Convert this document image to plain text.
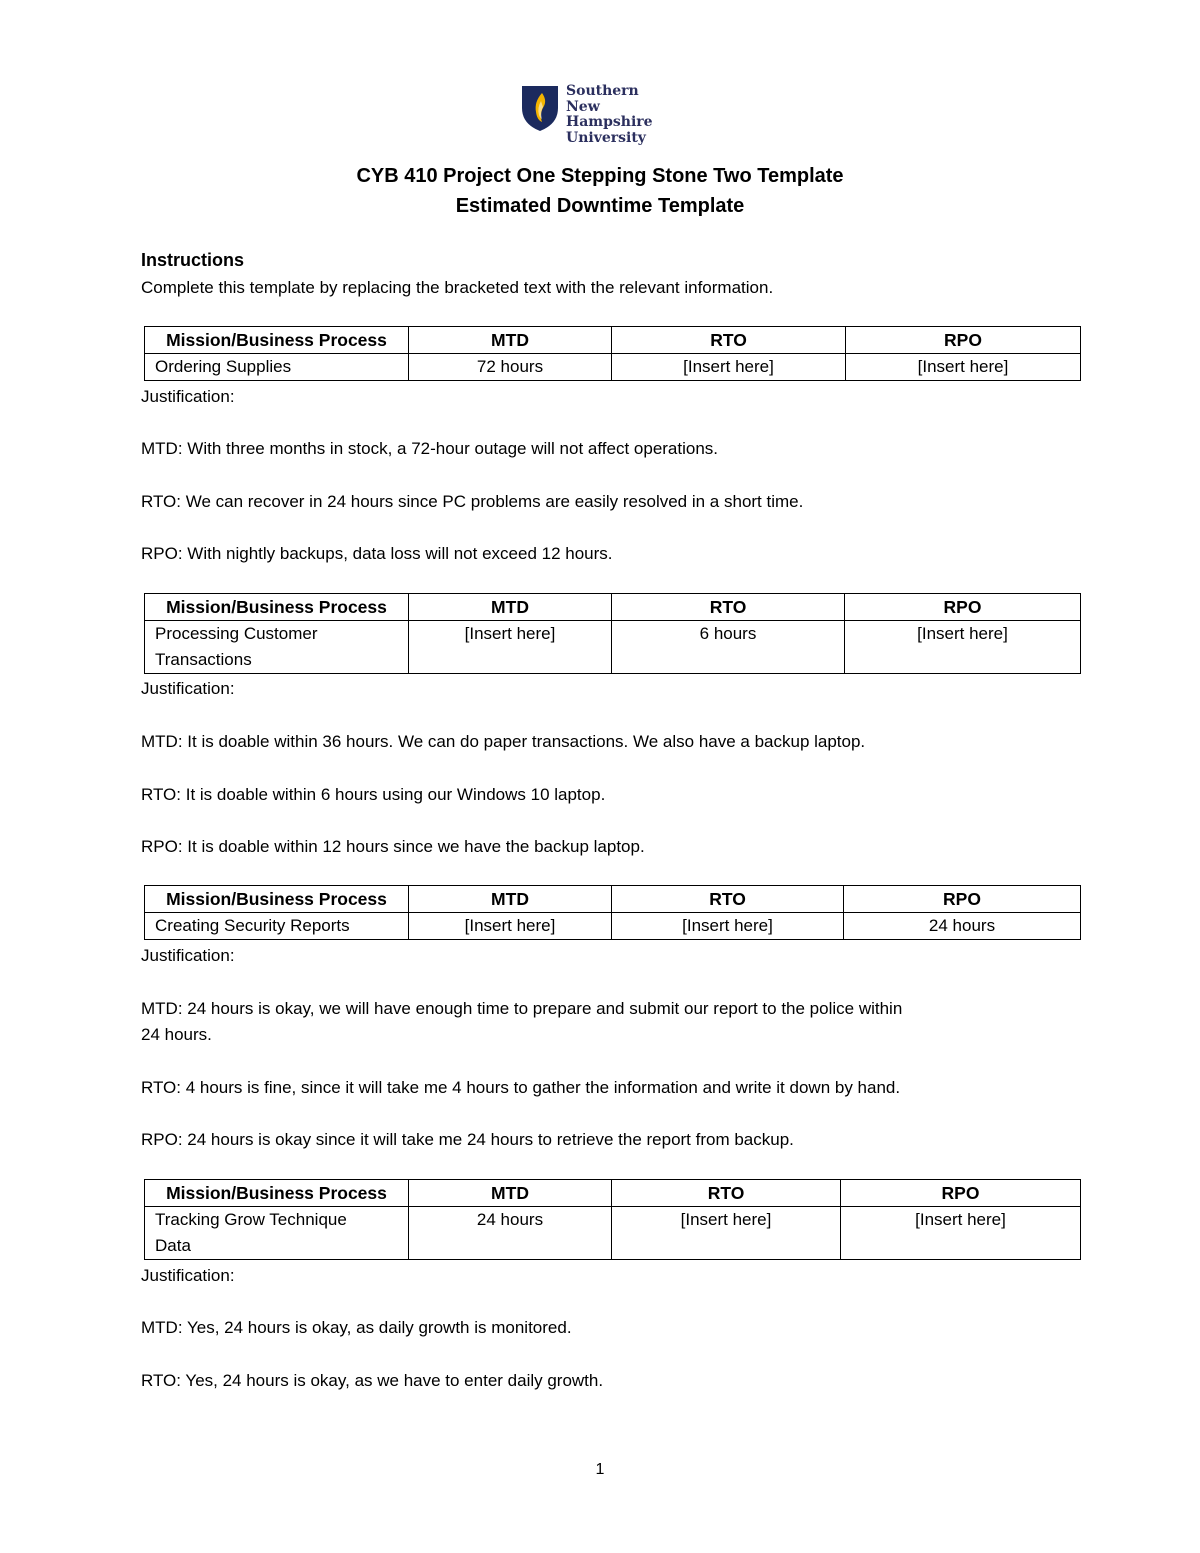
Southern
New Hampshire
University
CYB 410 Project One Stepping Stone Two Template
Estimated Downtime Template
Instructions
Complete this template by replacing the bracketed text with the relevant information.
Mission/Business Process	MTD	RTO	RPO
Ordering Supplies	72 hours	[Insert here]	[Insert here]
Justification:
MTD: With three months in stock, a 72-hour outage will not affect operations.
RTO: We can recover in 24 hours since PC problems are easily resolved in a short time.
RPO: With nightly backups, data loss will not exceed 12 hours.
Mission/Business Process	MTD	RTO	RPO

Processing Customer
Transactions	[Insert here]	6 hours	[Insert here]
Justification:
MTD: It is doable within 36 hours. We can do paper transactions. We also have a backup laptop.
RTO: It is doable within 6 hours using our Windows 10 laptop.
RPO: It is doable within 12 hours since we have the backup laptop.
Mission/Business Process	MTD	RTO	RPO
Creating Security Reports	[Insert here]	[Insert here]	24 hours
Justification:
MTD: 24 hours is okay, we will have enough time to prepare and submit our report to the police within
24 hours.
RTO: 4 hours is fine, since it will take me 4 hours to gather the information and write it down by hand.
RPO: 24 hours is okay since it will take me 24 hours to retrieve the report from backup.
Mission/Business Process	MTD	RTO	RPO

Tracking Grow Technique
Data	24 hours	[Insert here]	[Insert here]
Justification:
MTD: Yes, 24 hours is okay, as daily growth is monitored.
RTO: Yes, 24 hours is okay, as we have to enter daily growth.
1
